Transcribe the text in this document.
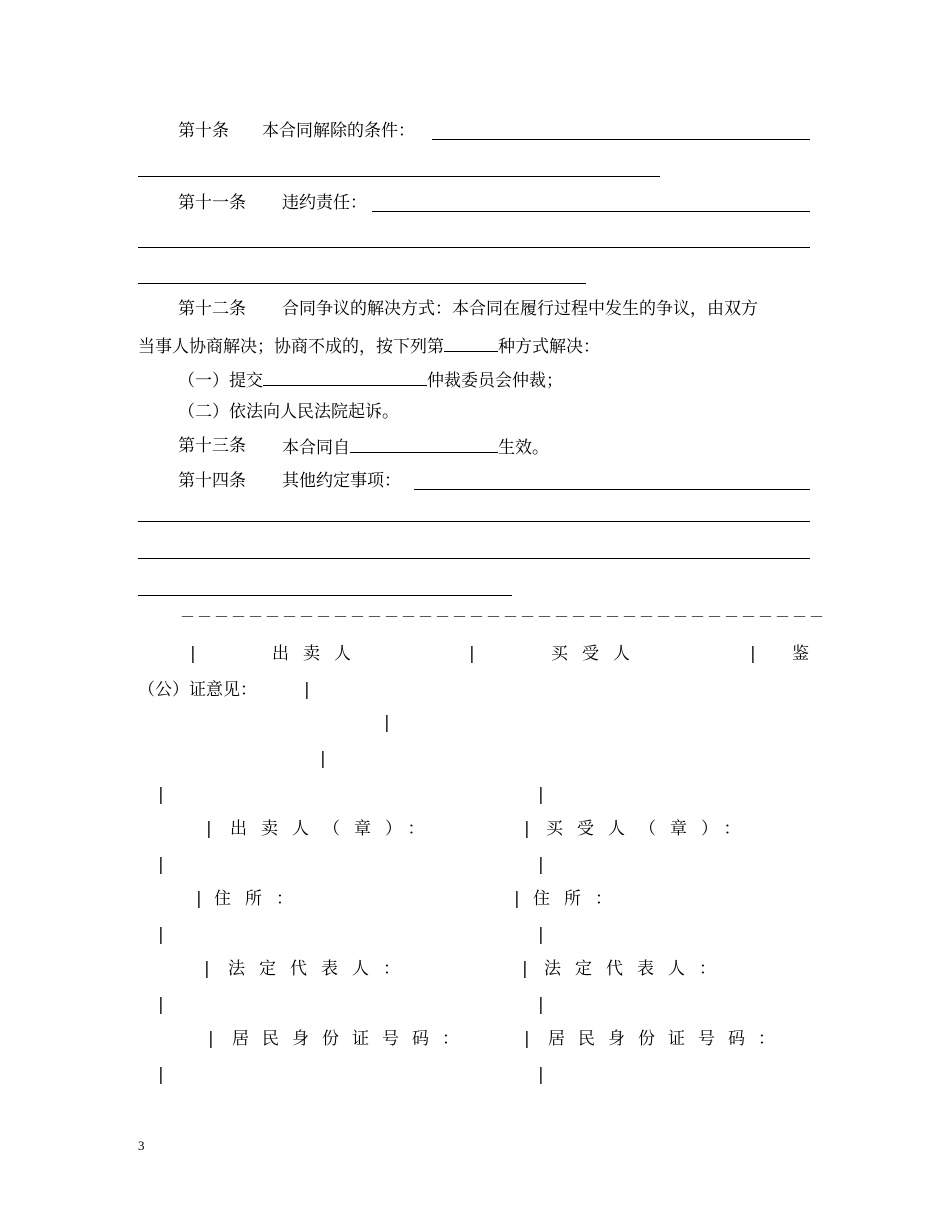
第十条 本合同解除的条件：
第十一条 违约责任：
第十二条 合同争议的解决方式：本合同在履行过程中发生的争议，由双方
当事人协商解决；协商不成的，按下列第	种方式解决：
（一）提交	仲裁委员会仲裁；
（二）依法向人民法院起诉。
第十三条 本合同自	生效。
第十四条 其他约定事项：
－－－－－－－－－－－－－－－－－－－－－－－－－－－－－－－－－－－－－－
|	出卖人	|	买受人	| 鉴
（公）证意见：	|
|
|
|	|
| 出卖人（章）：	| 买受人（章）：
|	|
| 住所：	| 住所：
|	|
| 法定代表人：	| 法定代表人：
|	|
| 居民身份证号码：	| 居民身份证号码：
|	|
3
